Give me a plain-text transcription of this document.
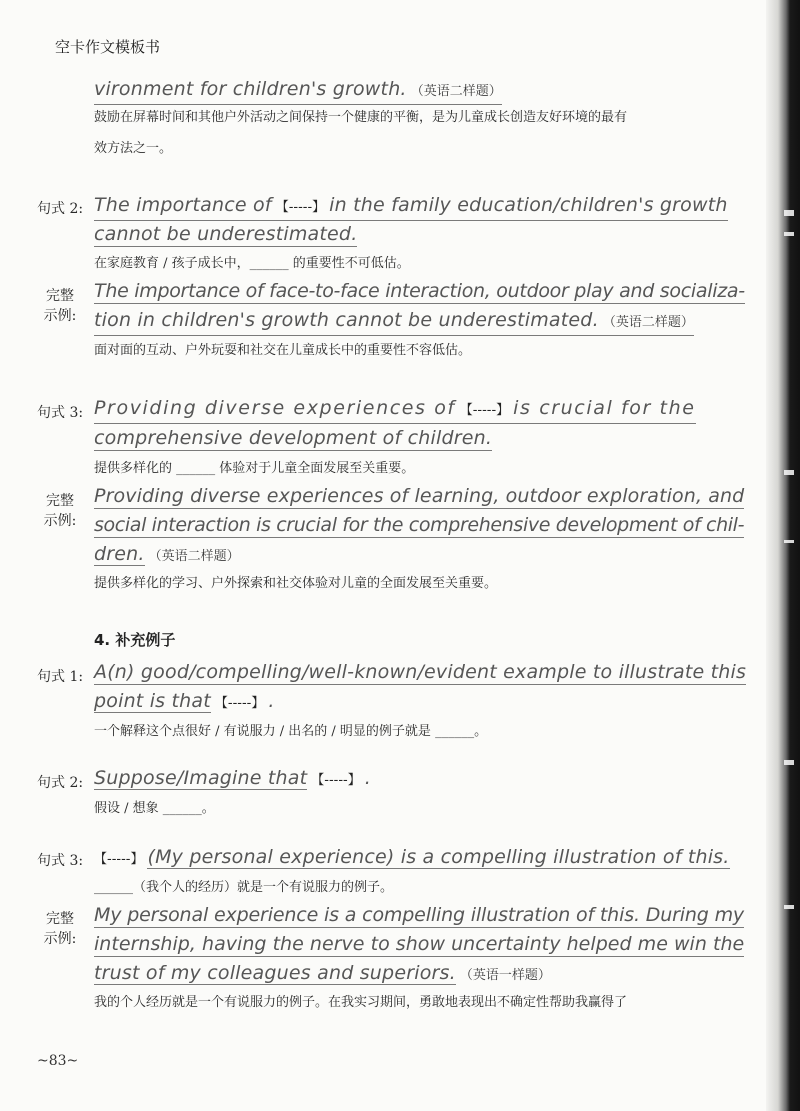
空卡作文模板书
vironment for children's growth. （英语二样题）
鼓励在屏幕时间和其他户外活动之间保持一个健康的平衡，是为儿童成长创造友好环境的最有
效方法之一。
句式 2: The importance of 【-----】 in the family education/children's growth
cannot be underestimated.
在家庭教育 / 孩子成长中，______ 的重要性不可低估。
完整
示例:
The importance of face-to-face interaction, outdoor play and socializa-
tion in children's growth cannot be underestimated. （英语二样题）
面对面的互动、户外玩耍和社交在儿童成长中的重要性不容低估。
句式 3: Providing diverse experiences of 【-----】 is crucial for the
comprehensive development of children.
提供多样化的 ______ 体验对于儿童全面发展至关重要。
完整
示例:
Providing diverse experiences of learning, outdoor exploration, and
social interaction is crucial for the comprehensive development of chil-
dren. （英语二样题）
提供多样化的学习、户外探索和社交体验对儿童的全面发展至关重要。
4. 补充例子
句式 1: A(n) good/compelling/well-known/evident example to illustrate this
point is that 【-----】 .
一个解释这个点很好 / 有说服力 / 出名的 / 明显的例子就是 ______。
句式 2: Suppose/Imagine that 【-----】 .
假设 / 想象 ______。
句式 3: 【-----】 (My personal experience) is a compelling illustration of this.
______（我个人的经历）就是一个有说服力的例子。
完整
示例:
My personal experience is a compelling illustration of this. During my
internship, having the nerve to show uncertainty helped me win the
trust of my colleagues and superiors. （英语一样题）
我的个人经历就是一个有说服力的例子。在我实习期间，勇敢地表现出不确定性帮助我赢得了
~83~
